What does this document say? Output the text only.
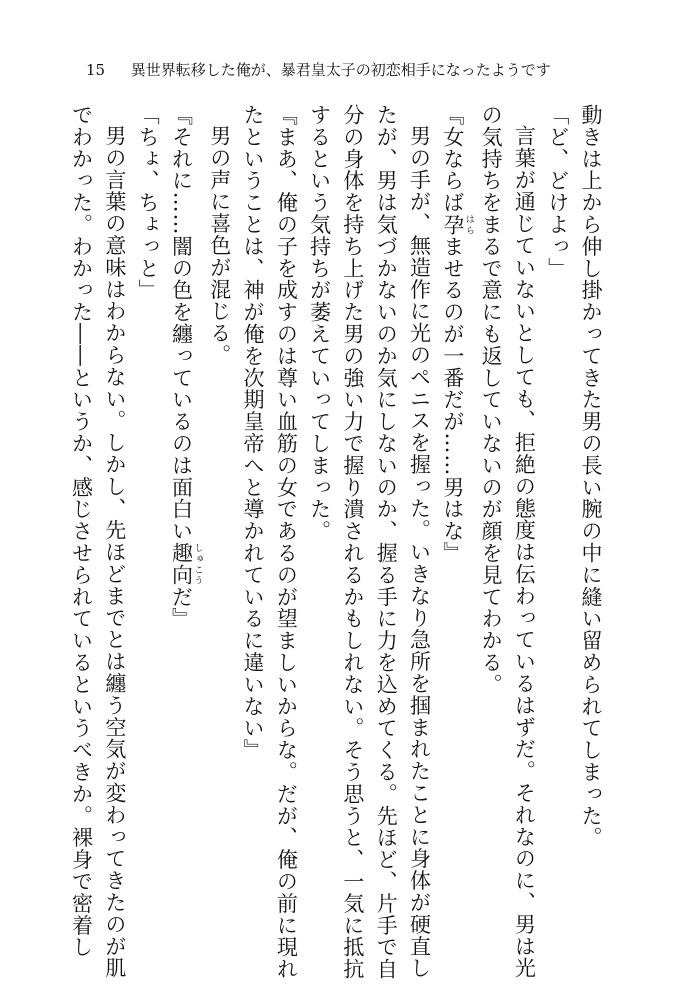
15 異世界転移した俺が、暴君皇太子の初恋相手になったようです
動きは上から伸し掛かってきた男の長い腕の中に縫い留められてしまった。
「ど、どけよっ」
言葉が通じていないとしても、拒絶の態度は伝わっているはずだ。それなのに、男は光
の気持ちをまるで意にも返していないのが顔を見てわかる。
『女ならば孕 はらませるのが一番だが……男はな』
男の手が、無造作に光のペニスを握った。いきなり急所を掴まれたことに身体が硬直し
たが、男は気づかないのか気にしないのか、握る手に力を込めてくる。先ほど、片手で自
分の身体を持ち上げた男の強い力で握り潰されるかもしれない。そう思うと、一気に抵抗
するという気持ちが萎えていってしまった。
『まあ、俺の子を成すのは尊い血筋の女であるのが望ましいからな。だが、俺の前に現れ
たということは、神が俺を次期皇帝へと導かれているに違いない』
男の声に喜色が混じる。
『それに……闇の色を纏っているのは面白い趣向 しゅこうだ』
「ちょ、ちょっと」
男の言葉の意味はわからない。しかし、先ほどまでとは纏う空気が変わってきたのが肌
でわかった。わかった――というか、感じさせられているというべきか。裸身で密着し
